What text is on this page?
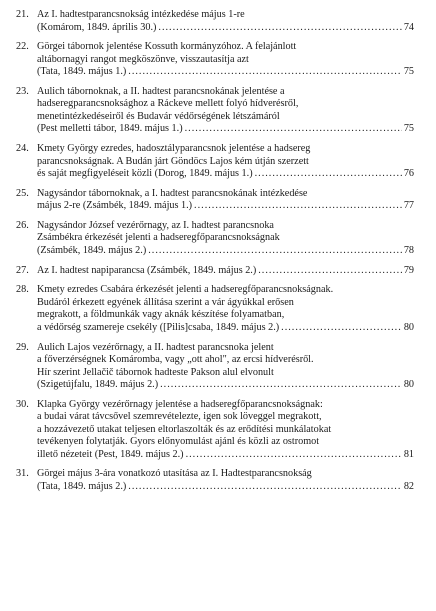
21. Az I. hadtestparancsnokság intézkedése május 1-re
(Komárom, 1849. április 30.) .....	74
22. Görgei tábornok jelentése Kossuth kormányzóhoz. A felajánlott
altábornagyi rangot megköszönve, visszautasítja azt
(Tata, 1849. május 1.) .....	75
23. Aulich tábornoknak, a II. hadtest parancsnokának jelentése a
hadseregparancsnoksághoz a Ráckeve mellett folyó hídverésről,
menetintézkedéseiről és Budavár védőrségének létszámáról
(Pest melletti tábor, 1849. május 1.) .....	75
24. Kmety György ezredes, hadosztályparancsnok jelentése a hadsereg
parancsnokságnak. A Budán járt Göndöcs Lajos kém útján szerzett
és saját megfigyeléseit közli (Dorog, 1849. május 1.) .....	76
25. Nagysándor tábornoknak, a I. hadtest parancsnokának intézkedése
május 2-re (Zsámbék, 1849. május 1.) .....	77
26. Nagysándor József vezérőrnagy, az I. hadtest parancsnoka
Zsámbékra érkezését jelenti a hadseregfőparancsnokságnak
(Zsámbék, 1849. május 2.) .....	78
27. Az I. hadtest napiparancsa (Zsámbék, 1849. május 2.) .....	79
28. Kmety ezredes Csabára érkezését jelenti a hadseregfőparancsnokságnak.
Budáról érkezett egyének állítása szerint a vár ágyúkkal erősen
megrakott, a földmunkák vagy aknák készítése folyamatban,
a védőrség szamereje csekély ([Pilis]csaba, 1849. május 2.) .....	80
29. Aulich Lajos vezérőrnagy, a II. hadtest parancsnoka jelent
a főverzérségnek Komáromba, vagy „ott ahol", az ercsi hídverésről.
Hír szerint Jellačič tábornok hadteste Pakson alul elvonult
(Szigetújfalu, 1849. május 2.) .....	80
30. Klapka György vezérőrnagy jelentése a hadseregfőparancsnokságnak:
a budai várat távcsővel szemrevételezte, igen sok löveggel megrakott,
a hozzávezető utakat teljesen eltorlaszolták és az erődítési munkálatokat
tevékenyen folytatják. Gyors előnyomulást ajánl és közli az ostromot
illető nézeteit (Pest, 1849. május 2.) .....	81
31. Görgei május 3-ára vonatkozó utasítása az I. Hadtestparancsnokság
(Tata, 1849. május 2.) .....	82
